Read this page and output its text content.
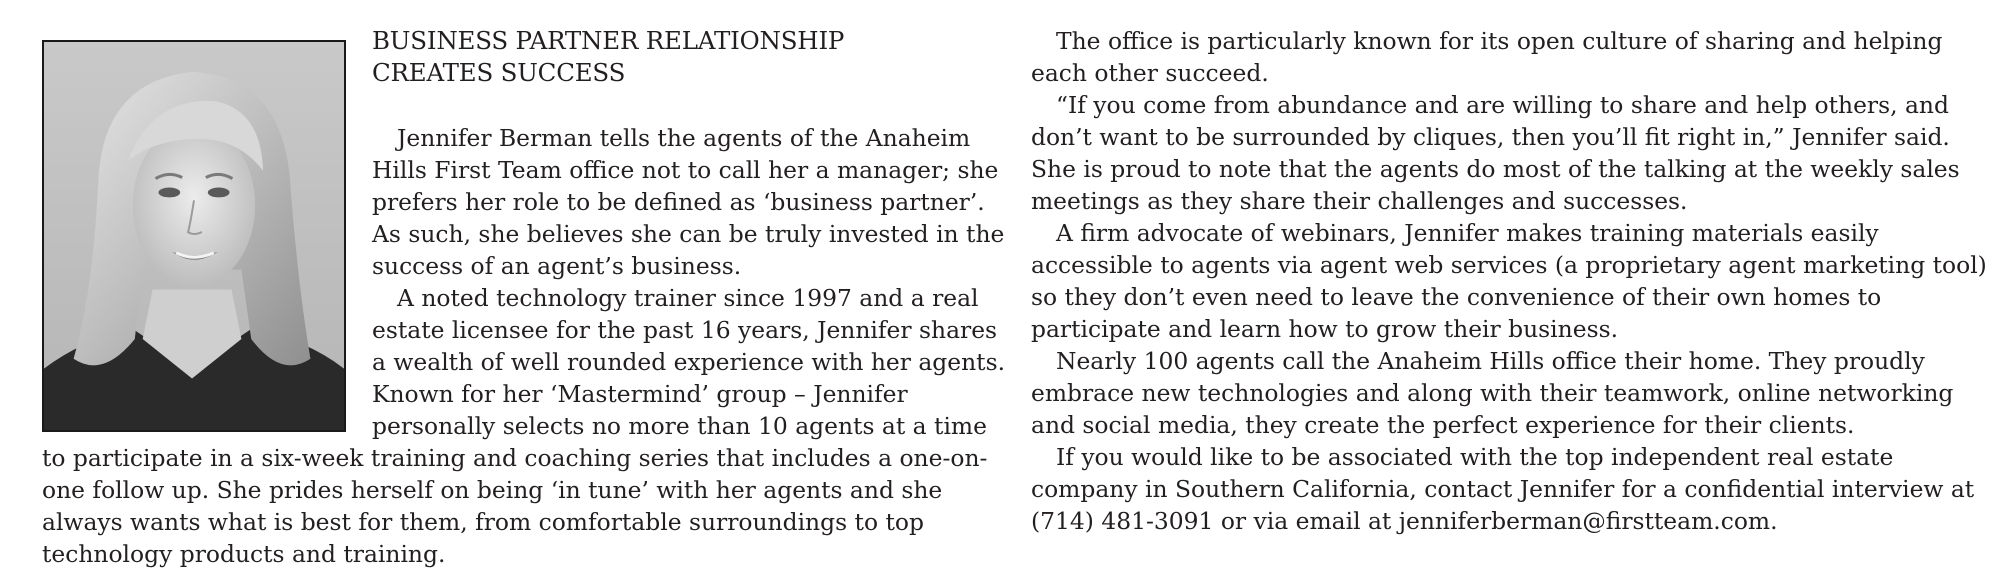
BUSINESS PARTNER RELATIONSHIP
CREATES SUCCESS

Jennifer Berman tells the agents of the Anaheim Hills First Team office not to call her a manager; she prefers her role to be defined as ‘business partner’. As such, she believes she can be truly invested in the success of an agent’s business.

A noted technology trainer since 1997 and a real estate licensee for the past 16 years, Jennifer shares a wealth of well rounded experience with her agents. Known for her ‘Mastermind’ group – Jennifer personally selects no more than 10 agents at a time to participate in a six-week training and coaching series that includes a one-on-one follow up. She prides herself on being ‘in tune’ with her agents and she always wants what is best for them, from comfortable surroundings to top technology products and training.

The office is particularly known for its open culture of sharing and helping each other succeed.

“If you come from abundance and are willing to share and help others, and don’t want to be surrounded by cliques, then you’ll fit right in,” Jennifer said. She is proud to note that the agents do most of the talking at the weekly sales meetings as they share their challenges and successes.

A firm advocate of webinars, Jennifer makes training materials easily accessible to agents via agent web services (a proprietary agent marketing tool) so they don’t even need to leave the convenience of their own homes to participate and learn how to grow their business.

Nearly 100 agents call the Anaheim Hills office their home. They proudly embrace new technologies and along with their teamwork, online networking and social media, they create the perfect experience for their clients.

If you would like to be associated with the top independent real estate company in Southern California, contact Jennifer for a confidential interview at (714) 481-3091 or via email at jenniferberman@firstteam.com.
